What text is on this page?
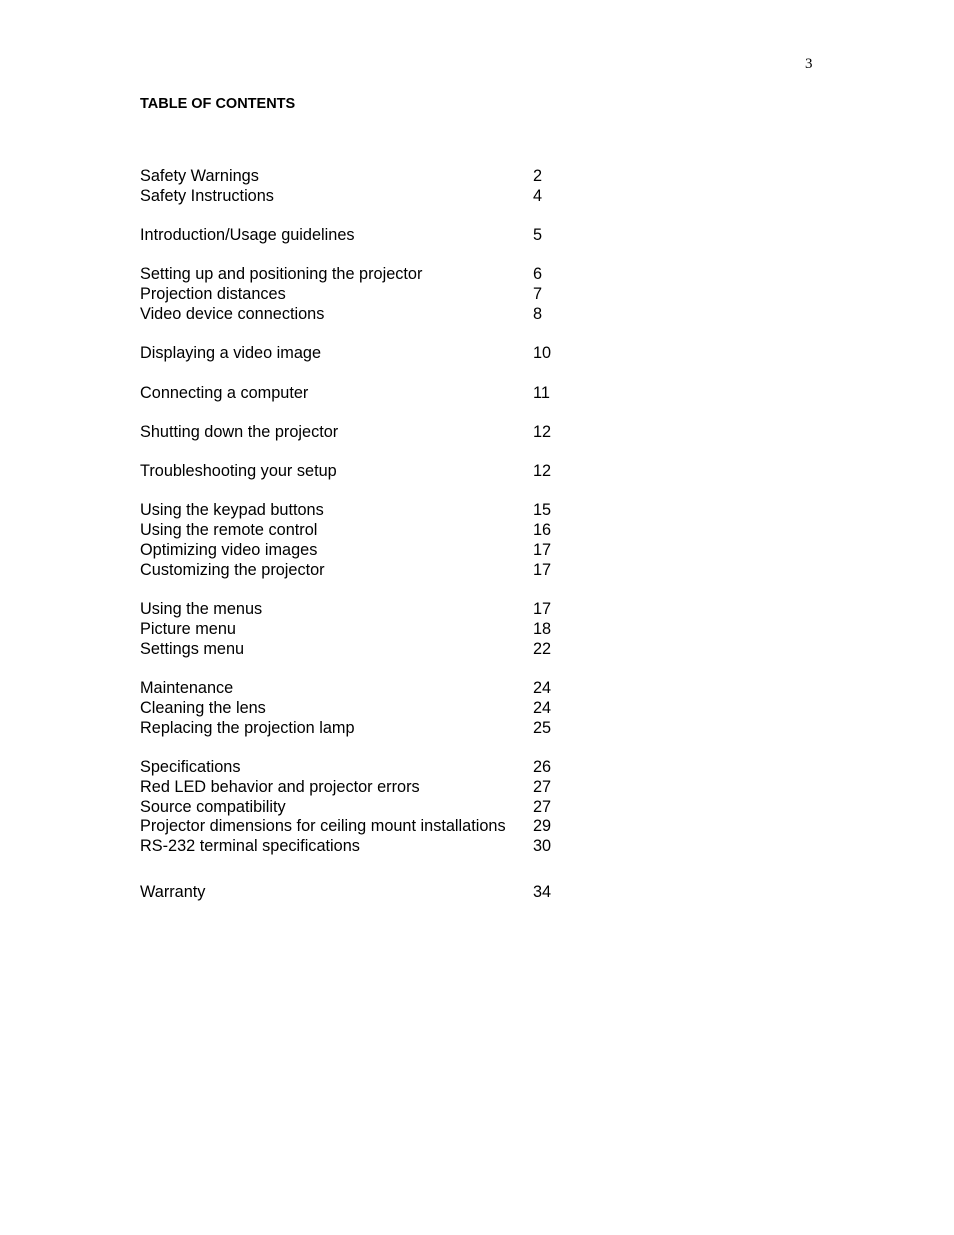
3
TABLE OF CONTENTS
Safety Warnings	2
Safety Instructions	4
Introduction/Usage guidelines	5
Setting up and positioning the projector	6
Projection distances	7
Video device connections	8
Displaying a video image	10
Connecting a computer	11
Shutting down the projector	12
Troubleshooting your setup	12
Using the keypad buttons	15
Using the remote control	16
Optimizing video images	17
Customizing the projector	17
Using the menus	17
Picture menu	18
Settings menu	22
Maintenance	24
Cleaning the lens	24
Replacing the projection lamp	25
Specifications	26
Red LED behavior and projector errors	27
Source compatibility	27
Projector dimensions for ceiling mount installations 29
RS-232 terminal specifications	30
Warranty	34
